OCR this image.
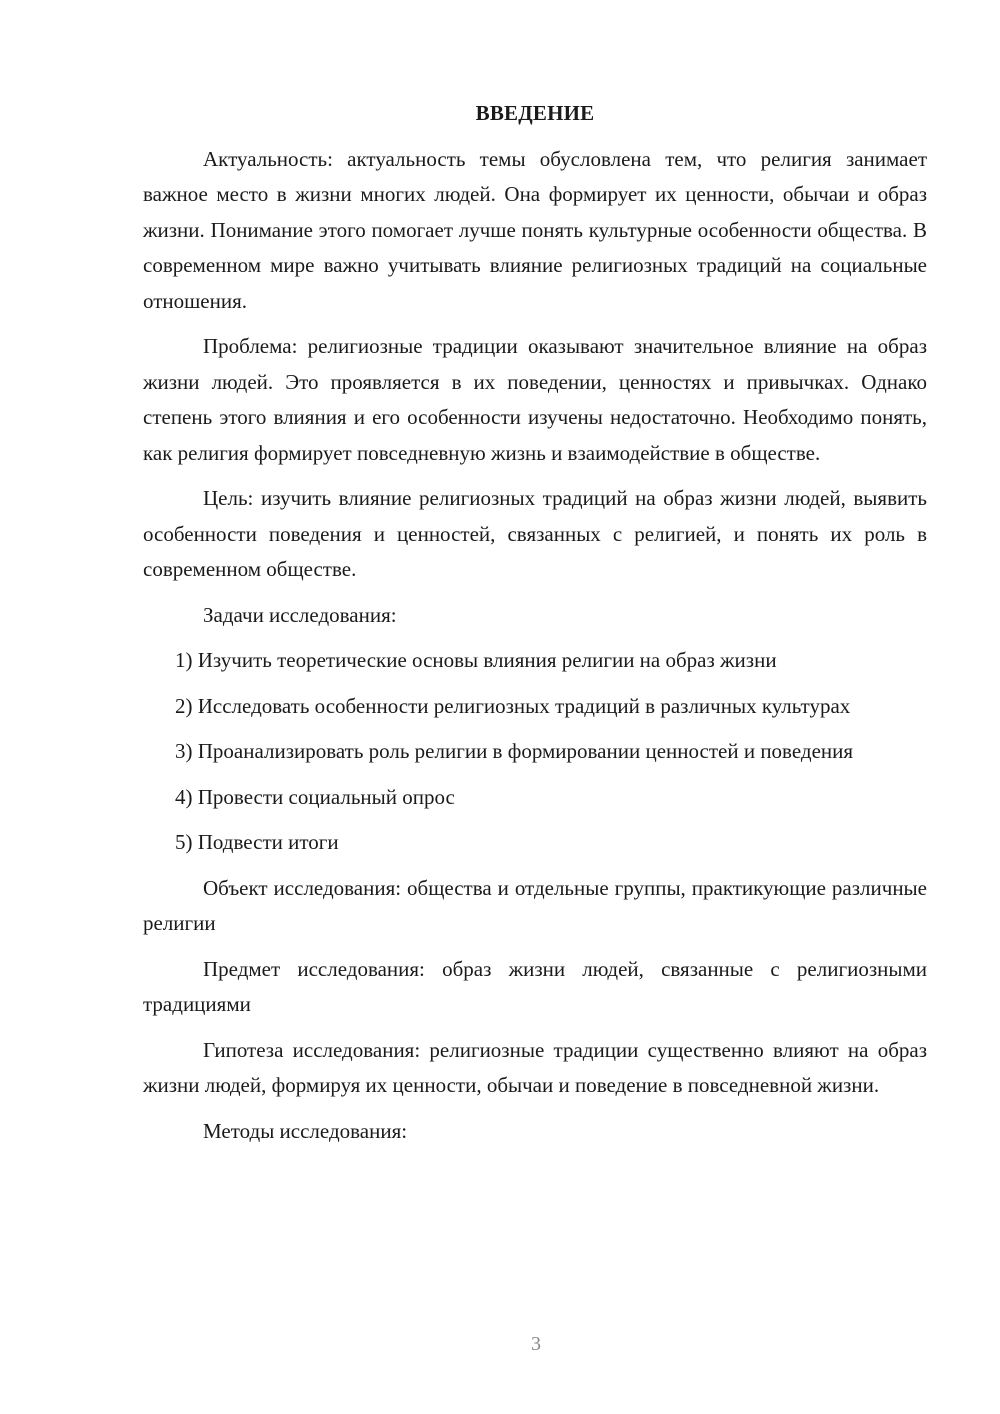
ВВЕДЕНИЕ

Актуальность: актуальность темы обусловлена тем, что религия занимает важное место в жизни многих людей. Она формирует их ценности, обычаи и образ жизни. Понимание этого помогает лучше понять культурные особенности общества. В современном мире важно учитывать влияние религиозных традиций на социальные отношения.

Проблема: религиозные традиции оказывают значительное влияние на образ жизни людей. Это проявляется в их поведении, ценностях и привычках. Однако степень этого влияния и его особенности изучены недостаточно. Необходимо понять, как религия формирует повседневную жизнь и взаимодействие в обществе.

Цель: изучить влияние религиозных традиций на образ жизни людей, выявить особенности поведения и ценностей, связанных с религией, и понять их роль в современном обществе.

Задачи исследования:

1) Изучить теоретические основы влияния религии на образ жизни

2) Исследовать особенности религиозных традиций в различных культурах

3) Проанализировать роль религии в формировании ценностей и поведения

4) Провести социальный опрос

5) Подвести итоги

Объект исследования: общества и отдельные группы, практикующие различные религии

Предмет исследования: образ жизни людей, связанные с религиозными традициями

Гипотеза исследования: религиозные традиции существенно влияют на образ жизни людей, формируя их ценности, обычаи и поведение в повседневной жизни.

Методы исследования:

3
